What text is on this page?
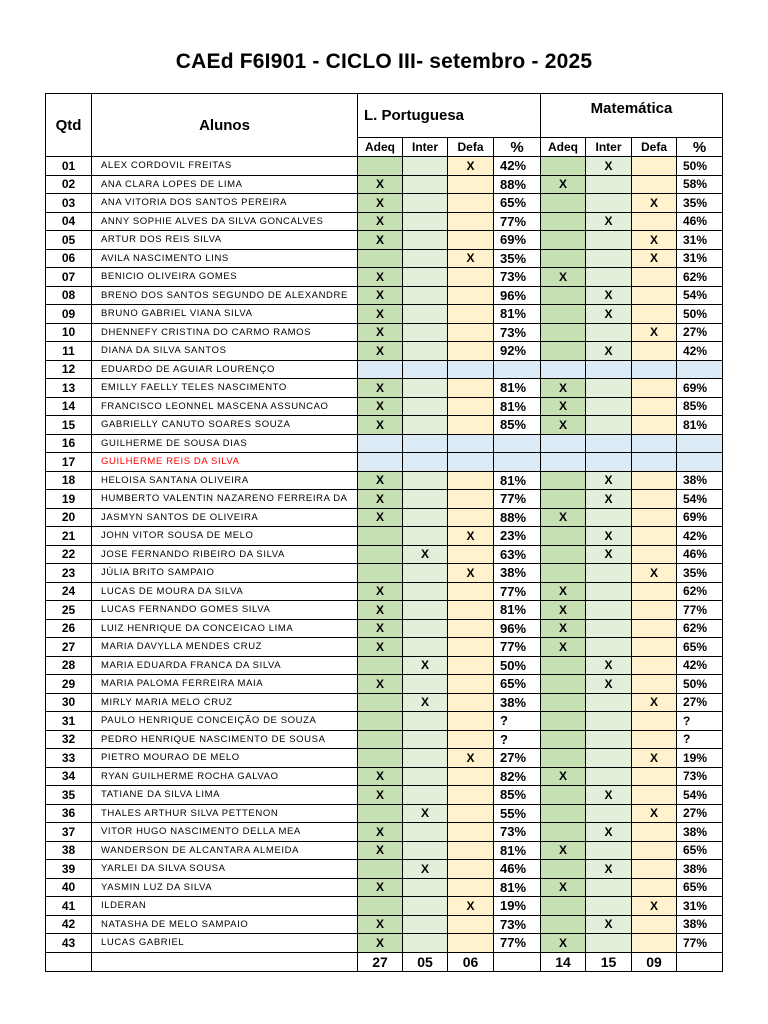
CAEd F6I901 - CICLO III- setembro - 2025
Qtd	Alunos	L. Portuguesa				Matemática			
		Adeq	Inter	Defa	%	Adeq	Inter	Defa	%
01	ALEX CORDOVIL FREITAS			X	42%		X		50%
02	ANA CLARA LOPES DE LIMA	X			88%	X			58%
03	ANA VITORIA DOS SANTOS PEREIRA	X			65%			X	35%
04	ANNY SOPHIE ALVES DA SILVA GONCALVES	X			77%		X		46%
05	ARTUR DOS REIS SILVA	X			69%			X	31%
06	AVILA NASCIMENTO LINS			X	35%			X	31%
07	BENICIO OLIVEIRA GOMES	X			73%	X			62%
08	BRENO DOS SANTOS SEGUNDO DE ALEXANDRE	X			96%		X		54%
09	BRUNO GABRIEL VIANA SILVA	X			81%		X		50%
10	DHENNEFY CRISTINA DO CARMO RAMOS	X			73%			X	27%
11	DIANA DA SILVA SANTOS	X			92%		X		42%
12	EDUARDO DE AGUIAR LOURENÇO								
13	EMILLY FAELLY TELES NASCIMENTO	X			81%	X			69%
14	FRANCISCO LEONNEL MASCENA ASSUNCAO	X			81%	X			85%
15	GABRIELLY CANUTO SOARES SOUZA	X			85%	X			81%
16	GUILHERME DE SOUSA DIAS								
17	GUILHERME REIS DA SILVA								
18	HELOISA SANTANA OLIVEIRA	X			81%		X		38%
19	HUMBERTO VALENTIN NAZARENO FERREIRA DA	X			77%		X		54%
20	JASMYN SANTOS DE OLIVEIRA	X			88%	X			69%
21	JOHN VITOR SOUSA DE MELO			X	23%		X		42%
22	JOSE FERNANDO RIBEIRO DA SILVA		X		63%		X		46%
23	JÚLIA BRITO SAMPAIO			X	38%			X	35%
24	LUCAS DE MOURA DA SILVA	X			77%	X			62%
25	LUCAS FERNANDO GOMES SILVA	X			81%	X			77%
26	LUIZ HENRIQUE DA CONCEICAO LIMA	X			96%	X			62%
27	MARIA DAVYLLA MENDES CRUZ	X			77%	X			65%
28	MARIA EDUARDA FRANCA DA SILVA		X		50%		X		42%
29	MARIA PALOMA FERREIRA MAIA	X			65%		X		50%
30	MIRLY MARIA MELO CRUZ		X		38%			X	27%
31	PAULO HENRIQUE CONCEIÇÃO DE SOUZA				?				?
32	PEDRO HENRIQUE NASCIMENTO DE SOUSA				?				?
33	PIETRO MOURAO DE MELO			X	27%			X	19%
34	RYAN GUILHERME ROCHA GALVAO	X			82%	X			73%
35	TATIANE DA SILVA LIMA	X			85%		X		54%
36	THALES ARTHUR SILVA PETTENON		X		55%			X	27%
37	VITOR HUGO NASCIMENTO DELLA MEA	X			73%		X		38%
38	WANDERSON DE ALCANTARA ALMEIDA	X			81%	X			65%
39	YARLEI DA SILVA SOUSA		X		46%		X		38%
40	YASMIN LUZ DA SILVA	X			81%	X			65%
41	ILDERAN			X	19%			X	31%
42	NATASHA DE MELO SAMPAIO	X			73%		X		38%
43	LUCAS GABRIEL	X			77%	X			77%
		27	05	06		14	15	09	
